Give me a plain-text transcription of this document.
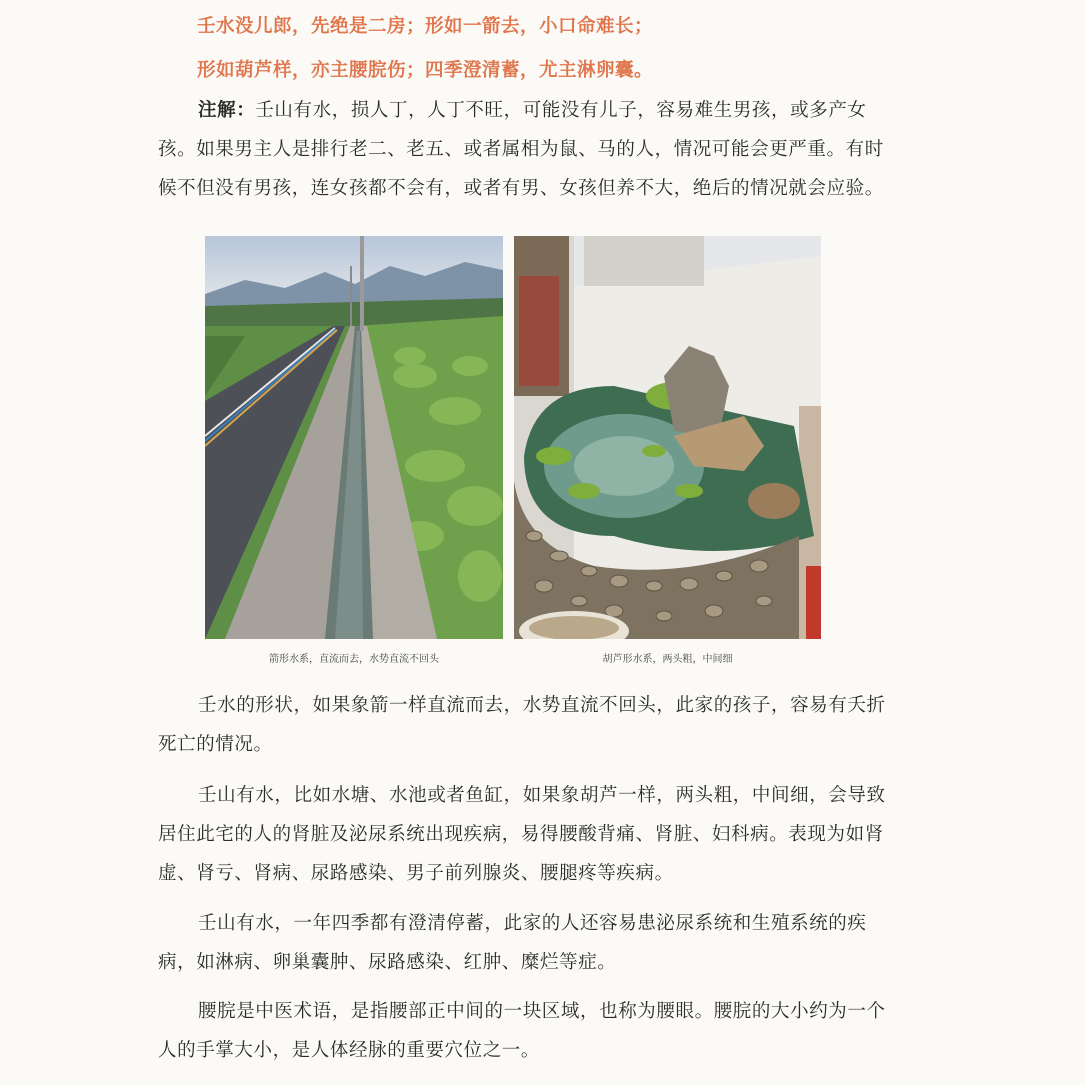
壬水没儿郎，先绝是二房；形如一箭去，小口命难长；
形如葫芦样，亦主腰脘伤；四季澄清蓄，尤主淋卵囊。

注解：壬山有水，损人丁，人丁不旺，可能没有儿子，容易难生男孩，或多产女孩。如果男主人是排行老二、老五、或者属相为鼠、马的人，情况可能会更严重。有时候不但没有男孩，连女孩都不会有，或者有男、女孩但养不大，绝后的情况就会应验。

箭形水系，直流而去，水势直流不回头	胡芦形水系，两头粗，中间细

壬水的形状，如果象箭一样直流而去，水势直流不回头，此家的孩子，容易有夭折死亡的情况。

壬山有水，比如水塘、水池或者鱼缸，如果象胡芦一样，两头粗，中间细，会导致居住此宅的人的肾脏及泌尿系统出现疾病，易得腰酸背痛、肾脏、妇科病。表现为如肾虚、肾亏、肾病、尿路感染、男子前列腺炎、腰腿疼等疾病。

壬山有水，一年四季都有澄清停蓄，此家的人还容易患泌尿系统和生殖系统的疾病，如淋病、卵巢囊肿、尿路感染、红肿、糜烂等症。

腰脘是中医术语，是指腰部正中间的一块区域，也称为腰眼。腰脘的大小约为一个人的手掌大小，是人体经脉的重要穴位之一。
